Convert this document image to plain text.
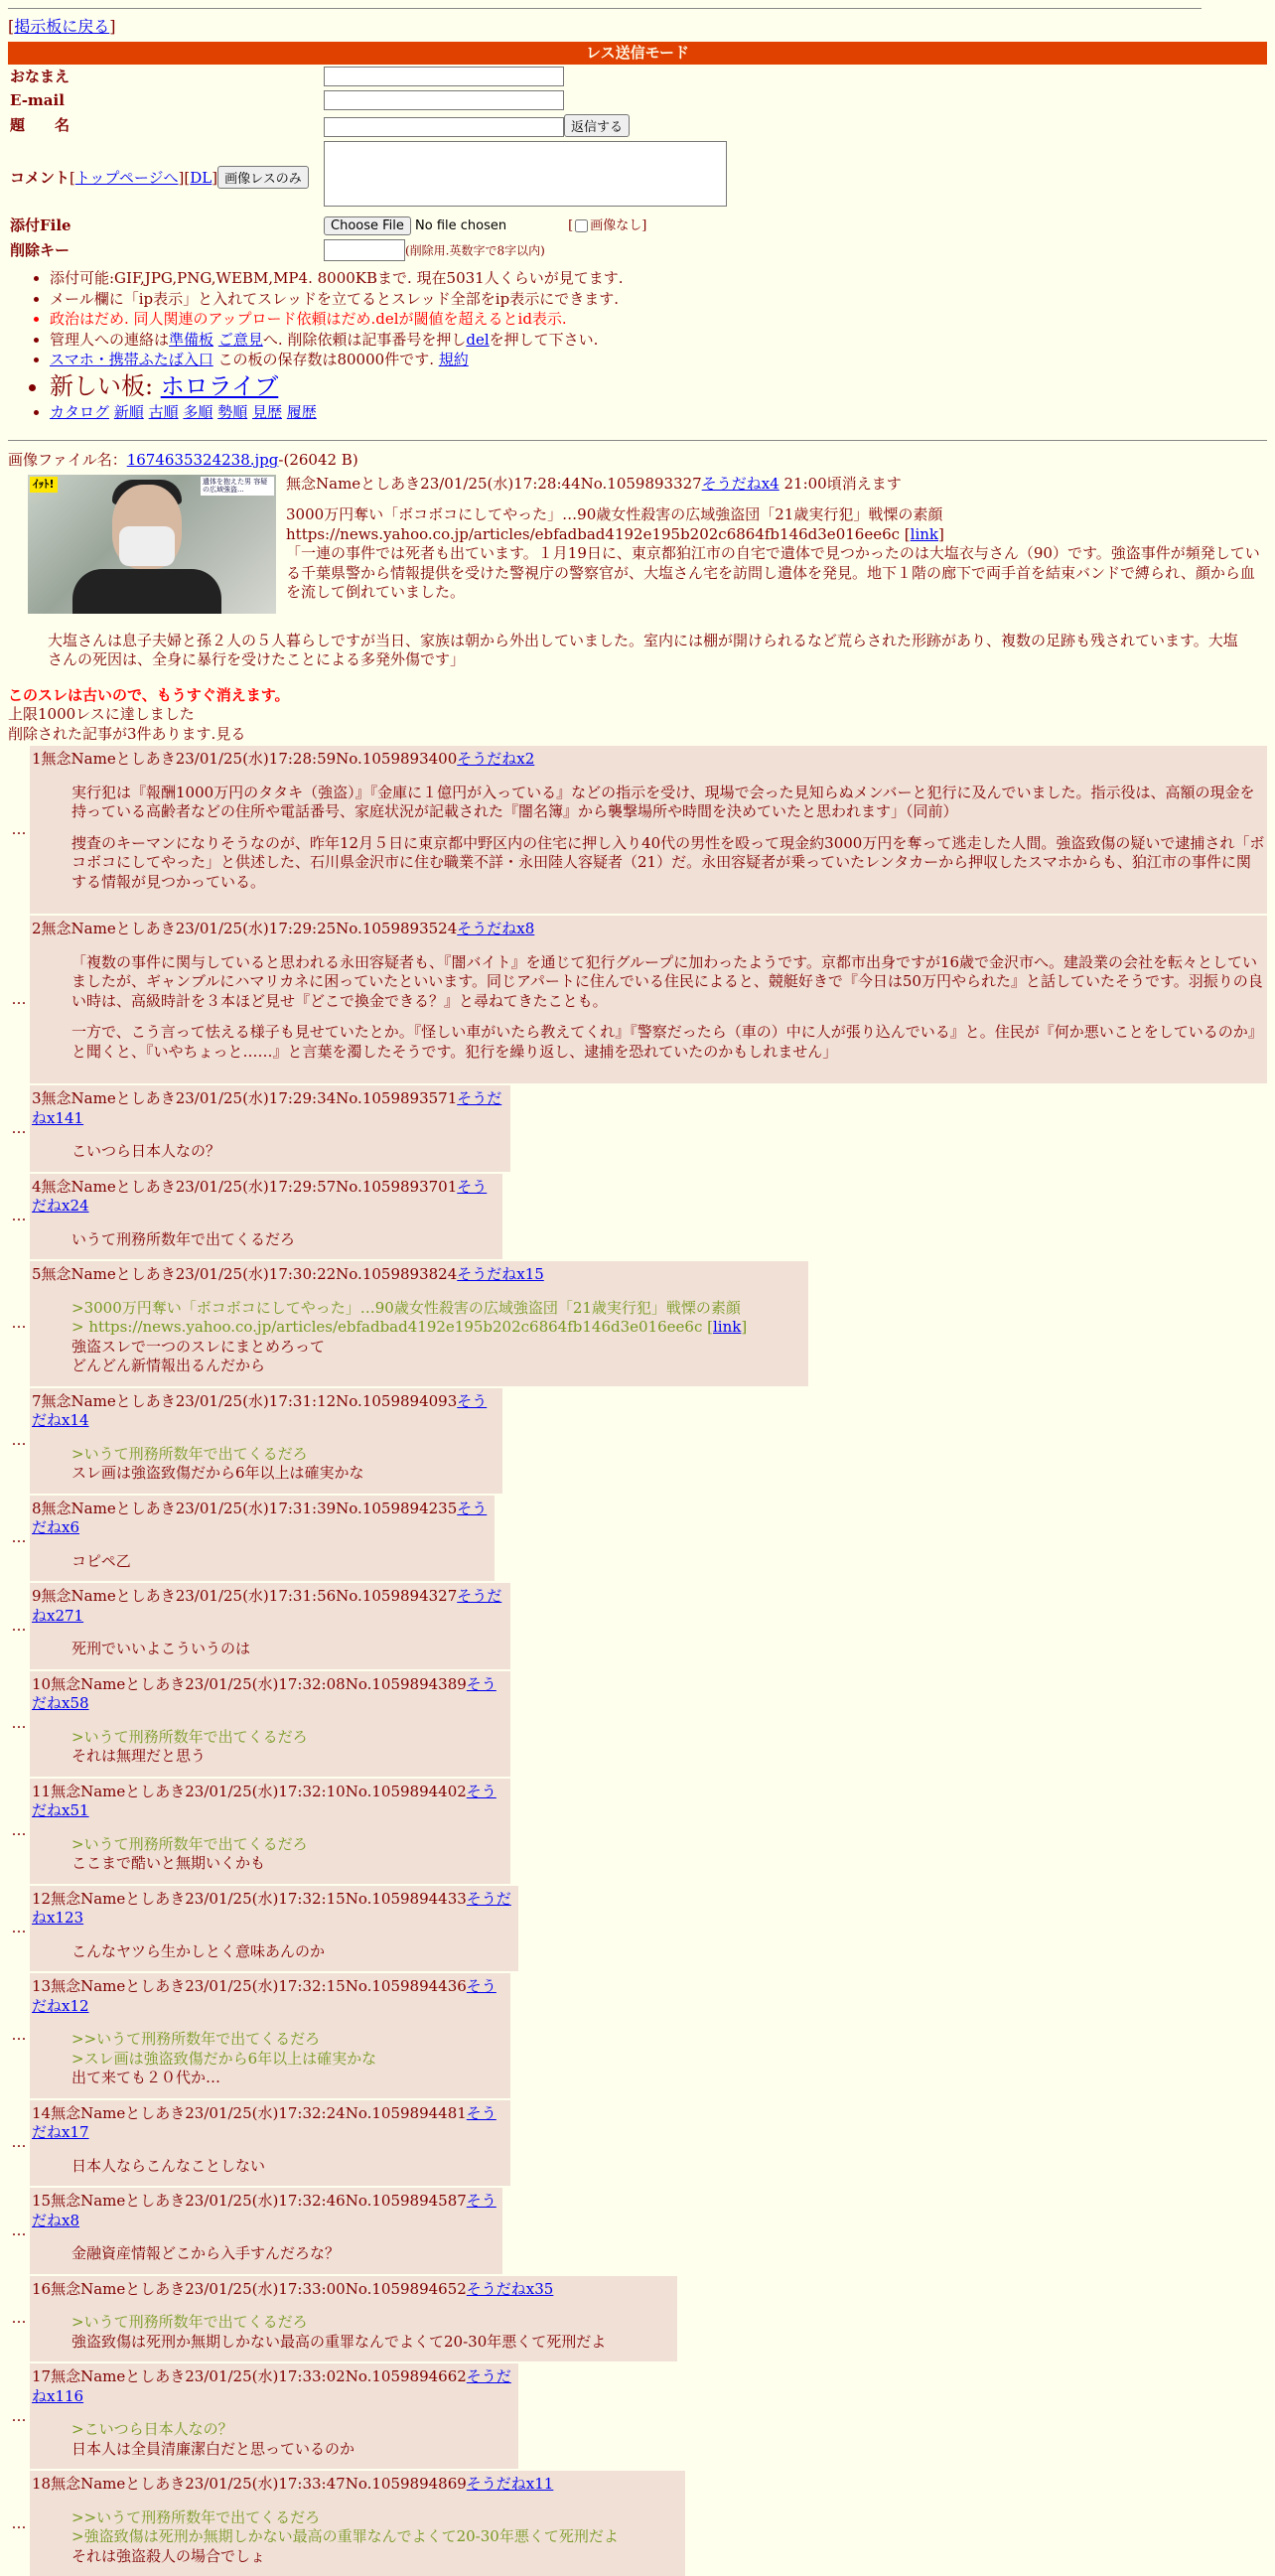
[掲示板に戻る]
レス送信モード
おなまえ	
E-mail	
題　　名	返信する
コメント[トップページへ][DL] 画像レスのみ	
添付File	Choose File No file chosen [ 画像なし]
削除キー	(削除用.英数字で8字以内)
• 添付可能:GIF,JPG,PNG,WEBM,MP4. 8000KBまで. 現在5031人くらいが見てます.
• メール欄に「ip表示」と入れてスレッドを立てるとスレッド全部をip表示にできます.
• 政治はだめ. 同人関連のアップロード依頼はだめ.delが閾値を超えるとid表示.
• 管理人への連絡は準備板 ご意見へ. 削除依頼は記事番号を押しdelを押して下さい.
• スマホ・携帯ふたば入口 この板の保存数は80000件です. 規約
• 新しい板: ホロライブ
• カタログ 新順 古順 多順 勢順 見歴 履歴
画像ファイル名：1674635324238.jpg-(26042 B)
ｲｯﾄ!	遺体を抱えた男 容疑の広域強盗...	無念Nameとしあき23/01/25(水)17:28:44No.1059893327そうだねx4 21:00頃消えます

3000万円奪い「ボコボコにしてやった」…90歳女性殺害の広域強盗団「21歳実行犯」戦慄の素顔
https://news.yahoo.co.jp/articles/ebfadbad4192e195b202c6864fb146d3e016ee6c [link]
「一連の事件では死者も出ています。１月19日に、東京都狛江市の自宅で遺体で見つかったのは大塩衣与さん（90）です。強盗事件が頻発している千葉県警から情報提供を受けた警視庁の警察官が、大塩さん宅を訪問し遺体を発見。地下１階の廊下で両手首を結束バンドで縛られ、顔から血を流して倒れていました。
大塩さんは息子夫婦と孫２人の５人暮らしですが当日、家族は朝から外出していました。室内には棚が開けられるなど荒らされた形跡があり、複数の足跡も残されています。大塩さんの死因は、全身に暴行を受けたことによる多発外傷です」
このスレは古いので、もうすぐ消えます。
上限1000レスに達しました
削除された記事が3件あります.見る
…
1無念Nameとしあき23/01/25(水)17:28:59No.1059893400そうだねx2

実行犯は『報酬1000万円のタタキ（強盗）』『金庫に１億円が入っている』などの指示を受け、現場で会った見知らぬメンバーと犯行に及んでいました。指示役は、高額の現金を持っている高齢者などの住所や電話番号、家庭状況が記載された『闇名簿』から襲撃場所や時間を決めていたと思われます」（同前）

捜査のキーマンになりそうなのが、昨年12月５日に東京都中野区内の住宅に押し入り40代の男性を殴って現金約3000万円を奪って逃走した人間。強盗致傷の疑いで逮捕され「ボコボコにしてやった」と供述した、石川県金沢市に住む職業不詳・永田陸人容疑者（21）だ。永田容疑者が乗っていたレンタカーから押収したスマホからも、狛江市の事件に関する情報が見つかっている。

…
2無念Nameとしあき23/01/25(水)17:29:25No.1059893524そうだねx8

「複数の事件に関与していると思われる永田容疑者も、『闇バイト』を通じて犯行グループに加わったようです。京都市出身ですが16歳で金沢市へ。建設業の会社を転々としていましたが、ギャンブルにハマリカネに困っていたといいます。同じアパートに住んでいる住民によると、競艇好きで『今日は50万円やられた』と話していたそうです。羽振りの良い時は、高級時計を３本ほど見せ『どこで換金できる？』と尋ねてきたことも。

一方で、こう言って怯える様子も見せていたとか。『怪しい車がいたら教えてくれ』『警察だったら（車の）中に人が張り込んでいる』と。住民が『何か悪いことをしているのか』と聞くと、『いやちょっと……』と言葉を濁したそうです。犯行を繰り返し、逮捕を恐れていたのかもしれません」

…
3無念Nameとしあき23/01/25(水)17:29:34No.1059893571そうだねx141
こいつら日本人なの？
…
4無念Nameとしあき23/01/25(水)17:29:57No.1059893701そうだねx24
いうて刑務所数年で出てくるだろ
…
5無念Nameとしあき23/01/25(水)17:30:22No.1059893824そうだねx15
>3000万円奪い「ボコボコにしてやった」…90歳女性殺害の広域強盗団「21歳実行犯」戦慄の素顔
> https://news.yahoo.co.jp/articles/ebfadbad4192e195b202c6864fb146d3e016ee6c [link]
強盗スレで一つのスレにまとめろって
どんどん新情報出るんだから
…
7無念Nameとしあき23/01/25(水)17:31:12No.1059894093そうだねx14
>いうて刑務所数年で出てくるだろ
スレ画は強盗致傷だから6年以上は確実かな
…
8無念Nameとしあき23/01/25(水)17:31:39No.1059894235そうだねx6
コピペ乙
…
9無念Nameとしあき23/01/25(水)17:31:56No.1059894327そうだねx271
死刑でいいよこういうのは
…
10無念Nameとしあき23/01/25(水)17:32:08No.1059894389そうだねx58
>いうて刑務所数年で出てくるだろ
それは無理だと思う
…
11無念Nameとしあき23/01/25(水)17:32:10No.1059894402そうだねx51
>いうて刑務所数年で出てくるだろ
ここまで酷いと無期いくかも
…
12無念Nameとしあき23/01/25(水)17:32:15No.1059894433そうだねx123
こんなヤツら生かしとく意味あんのか
…
13無念Nameとしあき23/01/25(水)17:32:15No.1059894436そうだねx12
>>いうて刑務所数年で出てくるだろ
>スレ画は強盗致傷だから6年以上は確実かな
出て来ても２０代か…
…
14無念Nameとしあき23/01/25(水)17:32:24No.1059894481そうだねx17
日本人ならこんなことしない
…
15無念Nameとしあき23/01/25(水)17:32:46No.1059894587そうだねx8
金融資産情報どこから入手すんだろな？
…
16無念Nameとしあき23/01/25(水)17:33:00No.1059894652そうだねx35
>いうて刑務所数年で出てくるだろ
強盗致傷は死刑か無期しかない最高の重罪なんでよくて20-30年悪くて死刑だよ
…
17無念Nameとしあき23/01/25(水)17:33:02No.1059894662そうだねx116
>こいつら日本人なの？
日本人は全員清廉潔白だと思っているのか
…
18無念Nameとしあき23/01/25(水)17:33:47No.1059894869そうだねx11
>>いうて刑務所数年で出てくるだろ
>強盗致傷は死刑か無期しかない最高の重罪なんでよくて20-30年悪くて死刑だよ
それは強盗殺人の場合でしょ
